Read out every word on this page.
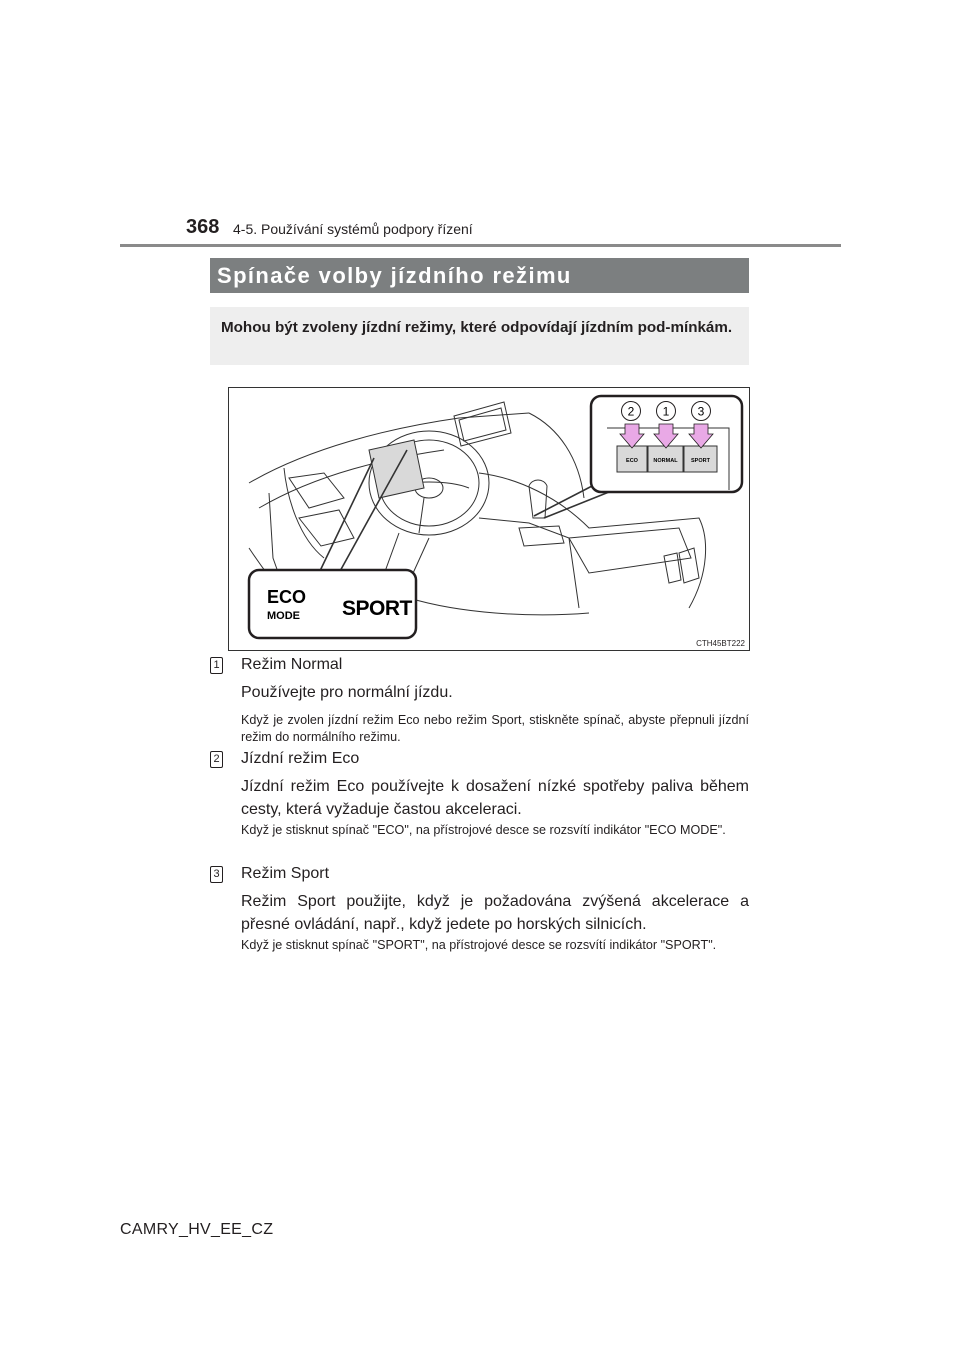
368 4-5. Používání systémů podpory řízení
Spínače volby jízdního režimu
Mohou být zvoleny jízdní režimy, které odpovídají jízdním pod-mínkám.
ECO	NORMAL SPORT
2 1 3
ECO
MODE SPORT
CTH45BT222
1 Režim Normal
Používejte pro normální jízdu.
Když je zvolen jízdní režim Eco nebo režim Sport, stiskněte spínač, abyste přepnuli jízdní režim do normálního režimu.
2 Jízdní režim Eco
Jízdní režim Eco používejte k dosažení nízké spotřeby paliva během cesty, která vyžaduje častou akceleraci.
Když je stisknut spínač "ECO", na přístrojové desce se rozsvítí indikátor "ECO MODE".
3 Režim Sport
Režim Sport použijte, když je požadována zvýšená akcelerace a přesné ovládání, např., když jedete po horských silnicích.
Když je stisknut spínač "SPORT", na přístrojové desce se rozsvítí indikátor "SPORT".
CAMRY_HV_EE_CZ
